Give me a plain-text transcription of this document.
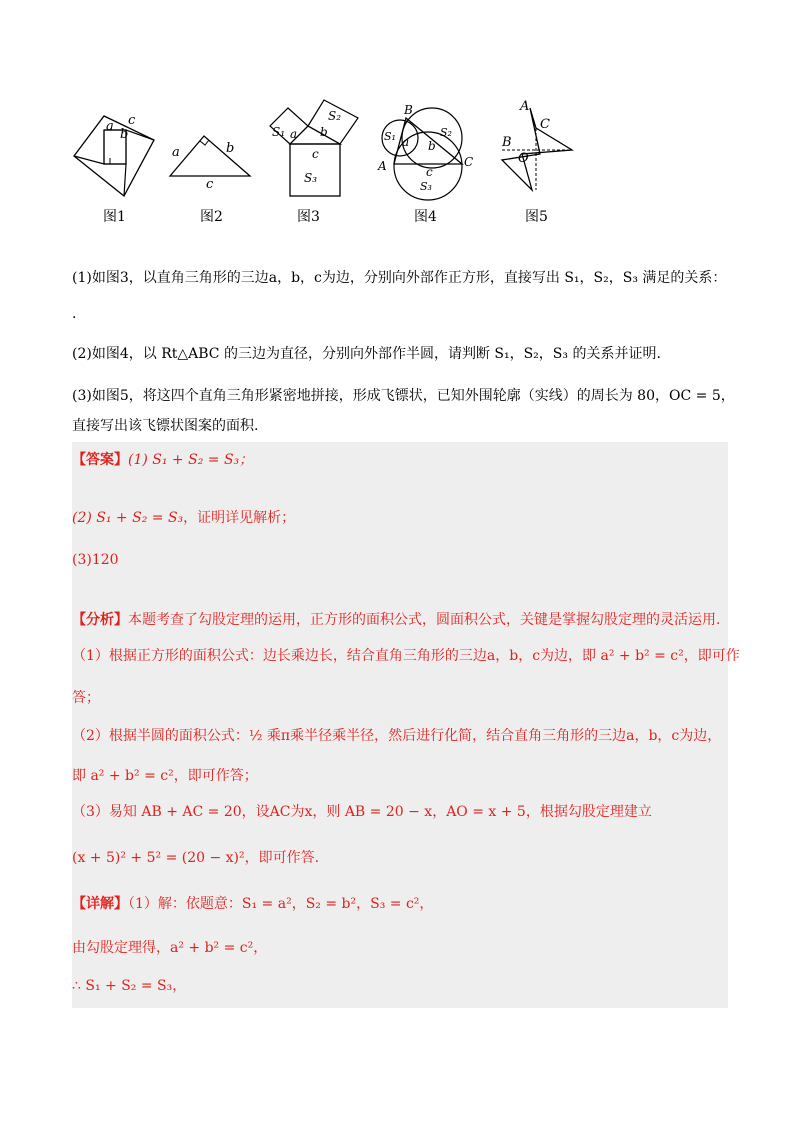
a
b
c
图1
a	b
c
图2
S₁ a
S₂
b
c
S₃
图3
B
S₁	S₂
a b
c
A	C
S₃
图4
A
C
B
O
图5
(1)如图3，以直角三角形的三边a，b，c为边，分别向外部作正方形，直接写出 S₁，S₂，S₃ 满足的关系：
.
(2)如图4，以 Rt△ABC 的三边为直径，分别向外部作半圆，请判断 S₁，S₂，S₃ 的关系并证明.
(3)如图5，将这四个直角三角形紧密地拼接，形成飞镖状，已知外围轮廓（实线）的周长为 80，OC = 5，
直接写出该飞镖状图案的面积.
【答案】(1) S₁ + S₂ = S₃；
(2) S₁ + S₂ = S₃，证明详见解析；
(3)120
【分析】本题考查了勾股定理的运用，正方形的面积公式，圆面积公式，关键是掌握勾股定理的灵活运用.
（1）根据正方形的面积公式：边长乘边长，结合直角三角形的三边a，b，c为边，即 a² + b² = c²，即可作
答；
（2）根据半圆的面积公式：½ 乘π乘半径乘半径，然后进行化简，结合直角三角形的三边a，b，c为边，
即 a² + b² = c²，即可作答；
（3）易知 AB + AC = 20，设AC为x，则 AB = 20 − x，AO = x + 5，根据勾股定理建立
(x + 5)² + 5² = (20 − x)²，即可作答.
【详解】（1）解：依题意：S₁ = a²，S₂ = b²，S₃ = c²，
由勾股定理得，a² + b² = c²，
∴ S₁ + S₂ = S₃，
